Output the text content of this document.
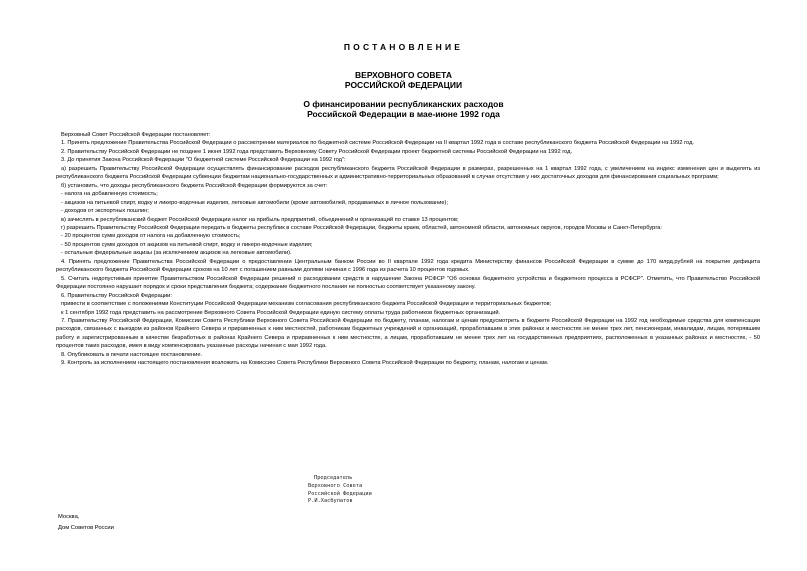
ПОСТАНОВЛЕНИЕ
ВЕРХОВНОГО СОВЕТА
РОССИЙСКОЙ ФЕДЕРАЦИИ
О финансировании республиканских расходов
Российской Федерации в мае-июне 1992 года

Верховный Совет Российской Федерации постановляет:

1. Принять предложение Правительства Российской Федерации о рассмотрении материалов по бюджетной системе Российской Федерации на II квартал 1992 года в составе республиканского бюджета Российской Федерации на 1992 год.

2. Правительству Российской Федерации не позднее 1 июня 1992 года представить Верховному Совету Российской Федерации проект бюджетной системы Российской Федерации на 1992 год.

3. До принятия Закона Российской Федерации "О бюджетной системе Российской Федерации на 1992 год":

а) разрешить Правительству Российской Федерации осуществлять финансирование расходов республиканского бюджета Российской Федерации в размерах, разрешенных на 1 квартал 1992 года, с увеличением на индекс изменения цен и выделять из республиканского бюджета Российской Федерации субвенции бюджетам национально-государственных и административно-территориальных образований в случае отсутствия у них достаточных доходов для финансирования социальных программ;

б) установить, что доходы республиканского бюджета Российской Федерации формируются за счет:

- налога на добавленную стоимость;

- акцизов на питьевой спирт, водку и ликеро-водочные изделия, легковые автомобили (кроме автомобилей, продаваемых в личное пользование);

- доходов от экспортных пошлин;

в) зачислять в республиканский бюджет Российской Федерации налог на прибыль предприятий, объединений и организаций по ставке 13 процентов;

г) разрешить Правительству Российской Федерации передать в бюджеты республик в составе Российской Федерации, бюджеты краев, областей, автономной области, автономных округов, городов Москвы и Санкт-Петербурга:

- 20 процентов сумм доходов от налога на добавленную стоимость;

- 50 процентов сумм доходов от акцизов на питьевой спирт, водку и ликеро-водочные изделия;

- остальные федеральные акцизы (за исключением акцизов на легковые автомобили).

4. Принять предложение Правительства Российской Федерации о предоставлении Центральным банком России во II квартале 1992 года кредита Министерству финансов Российской Федерации в сумме до 170 млрд.рублей на покрытие дефицита республиканского бюджета Российской Федерации сроком на 10 лет с погашением равными долями начиная с 1996 года из расчета 10 процентов годовых.

5. Считать недопустимым принятие Правительством Российской Федерации решений о расходовании средств в нарушение Закона РСФСР "Об основах бюджетного устройства и бюджетного процесса в РСФСР". Отметить, что Правительство Российской Федерации постоянно нарушает порядок и сроки представления бюджета; содержание бюджетного послания не полностью соответствует указанному закону.

6. Правительству Российской Федерации:

привести в соответствие с положениями Конституции Российской Федерации механизм согласования республиканского бюджета Российской Федерации и территориальных бюджетов;

к 1 сентября 1992 года представить на рассмотрение Верховного Совета Российской Федерации единую систему оплаты труда работников бюджетных организаций.

7. Правительству Российской Федерации, Комиссии Совета Республики Верховного Совета Российской Федерации по бюджету, планам, налогам и ценам предусмотреть в бюджете Российской Федерации на 1992 год необходимые средства для компенсации расходов, связанных с выездом из районов Крайнего Севера и приравненных к ним местностей, работникам бюджетных учреждений и организаций, проработавшим в этих районах и местностях не менее трех лет, пенсионерам, инвалидам, лицам, потерявшим работу и зарегистрированным в качестве безработных в районах Крайнего Севера и приравненных к ним местностях, а лицам, проработавшим не менее трех лет на государственных предприятиях, расположенных в указанных районах и местностях, - 50 процентов таких расходов, имея в виду компенсировать указанные расходы начиная с мая 1992 года.

8. Опубликовать в печати настоящее постановление.

9. Контроль за исполнением настоящего постановления возложить на Комиссию Совета Республики Верховного Совета Российской Федерации по бюджету, планам, налогам и ценам.

Председатель
Верховного Совета
Российской Федерации
Р.И.Хасбулатов
Москва,
Дом Советов России
